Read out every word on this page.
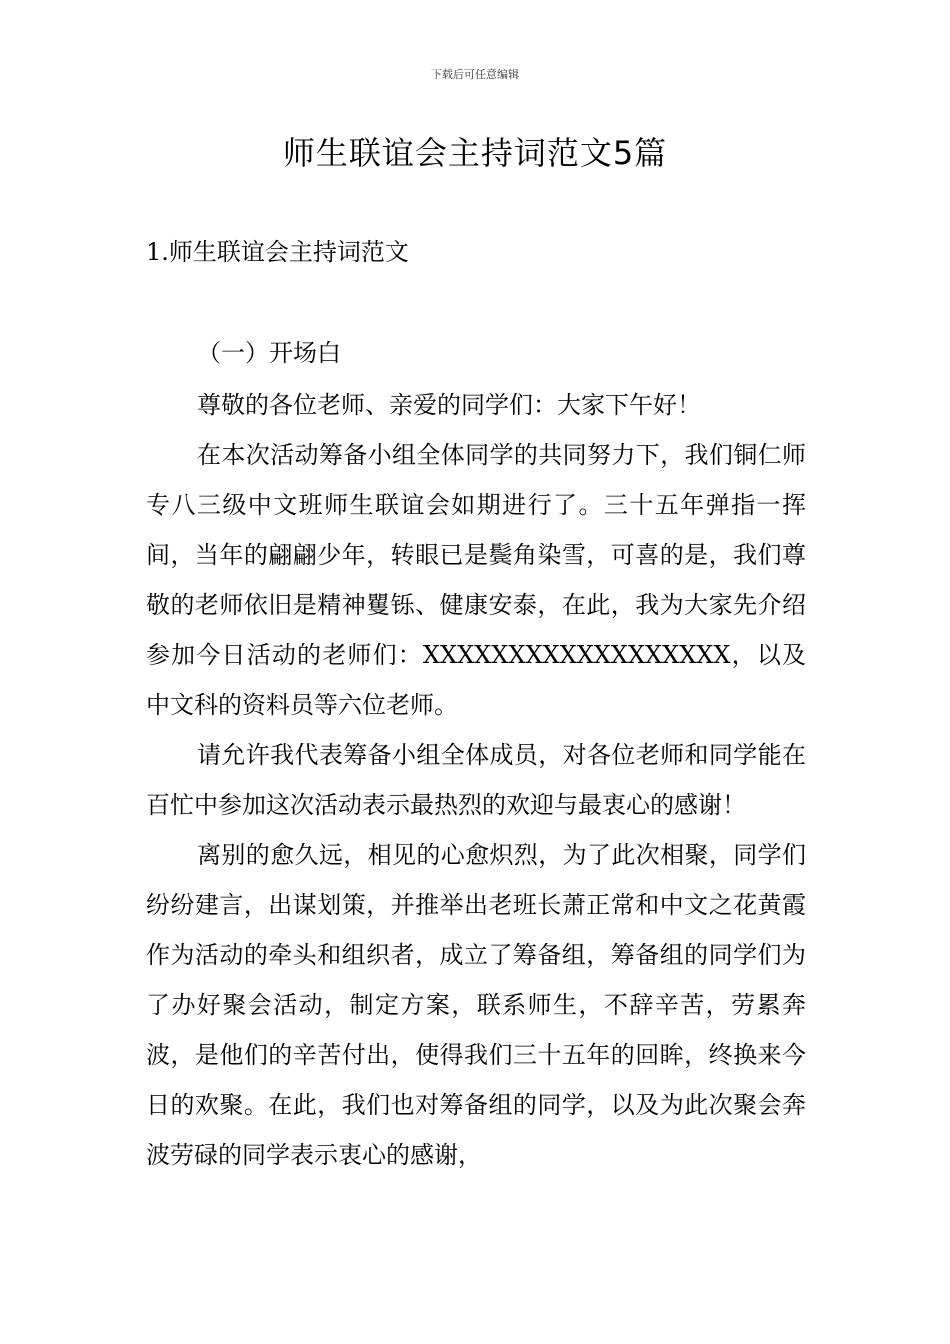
下载后可任意编辑
师生联谊会主持词范文5篇
1.师生联谊会主持词范文
（一）开场白

尊敬的各位老师、亲爱的同学们：大家下午好！

在本次活动筹备小组全体同学的共同努力下，我们铜仁师专八三级中文班师生联谊会如期进行了。三十五年弹指一挥间，当年的翩翩少年，转眼已是鬓角染雪，可喜的是，我们尊敬的老师依旧是精神矍铄、健康安泰，在此，我为大家先介绍参加今日活动的老师们：XXXXXXXXXXXXXXXXXX，以及中文科的资料员等六位老师。

请允许我代表筹备小组全体成员，对各位老师和同学能在百忙中参加这次活动表示最热烈的欢迎与最衷心的感谢！

离别的愈久远，相见的心愈炽烈，为了此次相聚，同学们纷纷建言，出谋划策，并推举出老班长萧正常和中文之花黄霞作为活动的牵头和组织者，成立了筹备组，筹备组的同学们为了办好聚会活动，制定方案，联系师生，不辞辛苦，劳累奔波，是他们的辛苦付出，使得我们三十五年的回眸，终换来今日的欢聚。在此，我们也对筹备组的同学，以及为此次聚会奔波劳碌的同学表示衷心的感谢，
